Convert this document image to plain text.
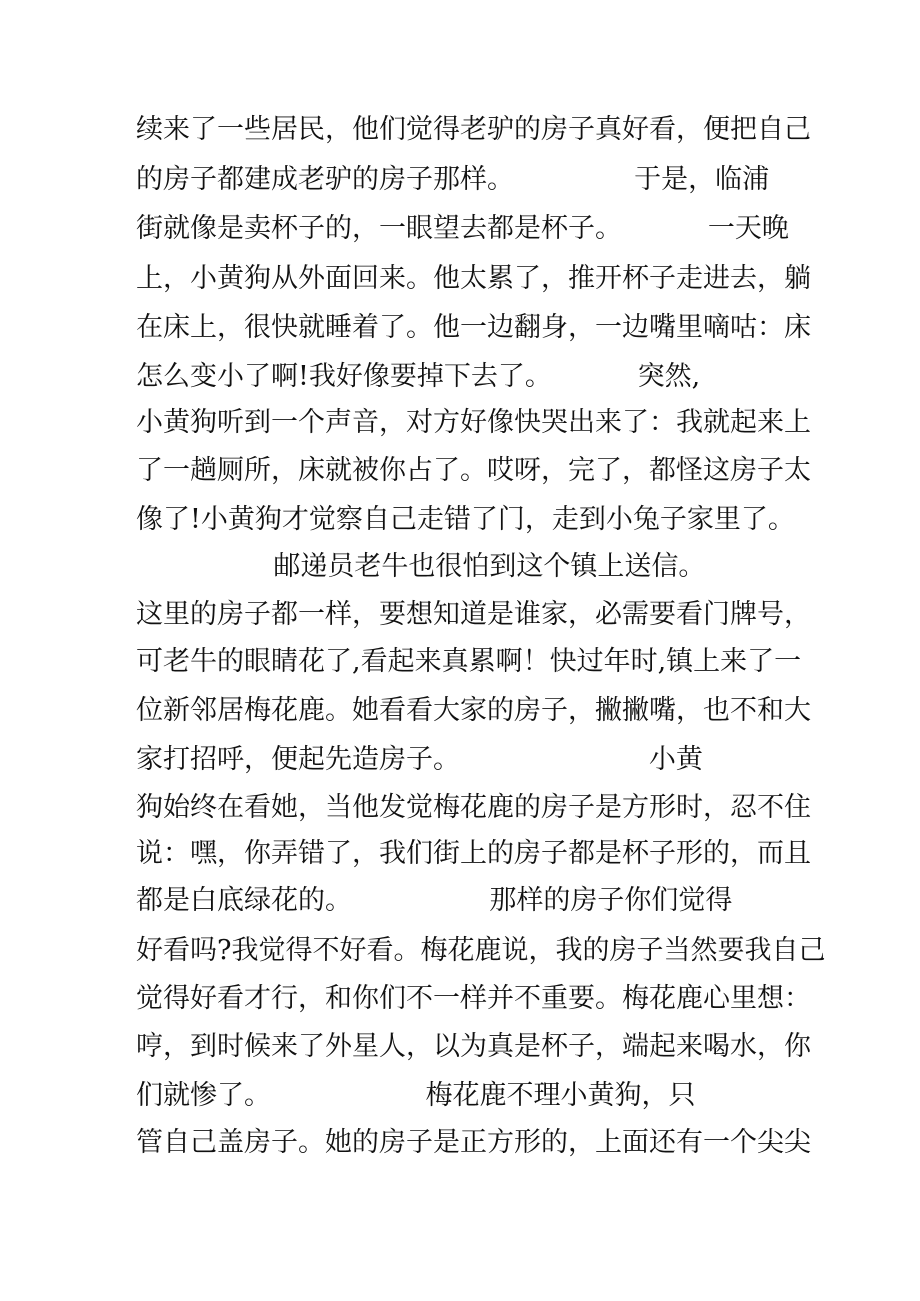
续来了一些居民，他们觉得老驴的房子真好看，便把自己
的房子都建成老驴的房子那样。              于是，临浦
街就像是卖杯子的，一眼望去都是杯子。          一天晚
上，小黄狗从外面回来。他太累了，推开杯子走进去，躺
在床上，很快就睡着了。他一边翻身，一边嘴里嘀咕：床
怎么变小了啊!我好像要掉下去了。          突然,
小黄狗听到一个声音，对方好像快哭出来了：我就起来上
了一趟厕所，床就被你占了。哎呀，完了，都怪这房子太
像了!小黄狗才觉察自己走错了门，走到小兔子家里了。
邮递员老牛也很怕到这个镇上送信。
这里的房子都一样，要想知道是谁家，必需要看门牌号，
可老牛的眼睛花了,看起来真累啊！快过年时,镇上来了一
位新邻居梅花鹿。她看看大家的房子，撇撇嘴，也不和大
家打招呼，便起先造房子。                      小黄
狗始终在看她，当他发觉梅花鹿的房子是方形时，忍不住
说：嘿，你弄错了，我们街上的房子都是杯子形的，而且
都是白底绿花的。                那样的房子你们觉得
好看吗?我觉得不好看。梅花鹿说，我的房子当然要我自己
觉得好看才行，和你们不一样并不重要。梅花鹿心里想：
哼，到时候来了外星人，以为真是杯子，端起来喝水，你
们就惨了。                  梅花鹿不理小黄狗，只
管自己盖房子。她的房子是正方形的，上面还有一个尖尖
